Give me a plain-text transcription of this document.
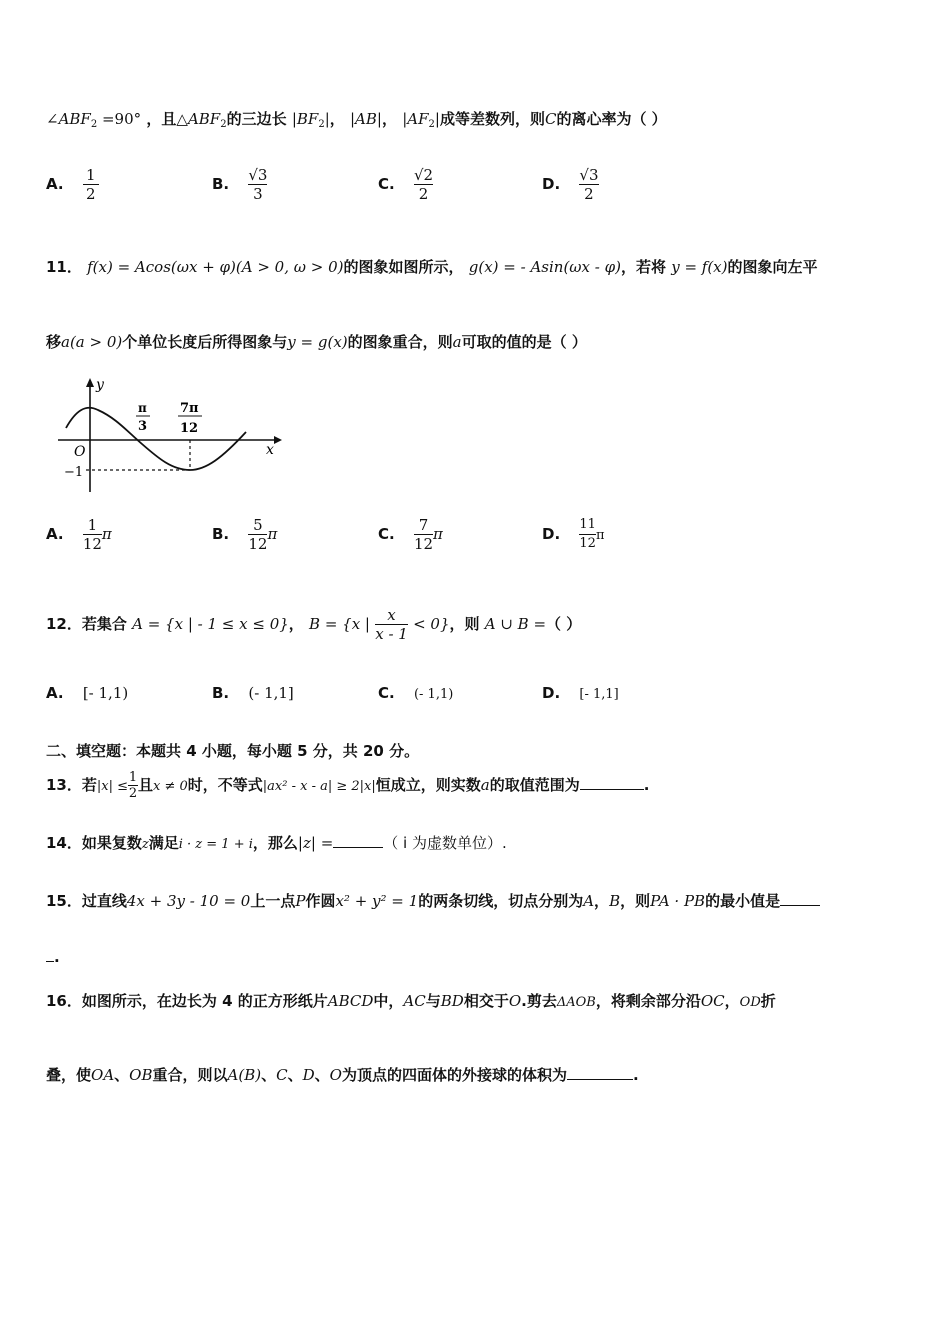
$\angle ABF_2 =90^\circ$ ，且$\triangle ABF_2$的三边长 $|BF_2|$， |AB|， $|AF_2|$成等差数列，则C的离心率为（ ）
A. $\frac{1}{2}$	B. $\frac{√3}{3}$	C. $\frac{√2}{2}$	D. $\frac{√3}{2}$
11． f(x) = Acos(ωx + φ)(A > 0, ω > 0)的图象如图所示， g(x) = - Asin(ωx - φ)，若将 y = f(x)的图象向左平
移a(a > 0)个单位长度后所得图象与y = g(x)的图象重合，则a可取的值的是（ ）
y
x
O
π
3
7π
12
−1
A. $\frac{1}{12}$ π	B. $\frac{5}{12}$ π	C. $\frac{7}{12}$ π	D. $\frac{11}{12}$ π
12．若集合 A = {x | - 1 ≤ x ≤ 0}， B = {x | $\frac{x}{x - 1} < 0$}，则 A ∪ B =（ ）
A. [- 1,1)	B. (- 1,1]	C. (- 1,1)	D. [- 1,1]
二、填空题：本题共 4 小题，每小题 5 分，共 20 分。
13．若$|x| \le \frac{1}{2}$ 且x ≠ 0时，不等式|ax² - x - a| ≥ 2|x|恒成立，则实数a的取值范围为	.
14．如果复数z满足i · z = 1 + i，那么|z| =	（ i 为虚数单位）.
15．过直线4x + 3y - 10 = 0上一点P作圆x² + y² = 1的两条切线，切点分别为A，B，则PA · PB的最小值是
.
16．如图所示，在边长为 4 的正方形纸片ABCD中，AC与BD相交于O.剪去ΔAOB，将剩余部分沿OC，OD折
叠，使OA、OB重合，则以A(B)、C、D、O为顶点的四面体的外接球的体积为	.
